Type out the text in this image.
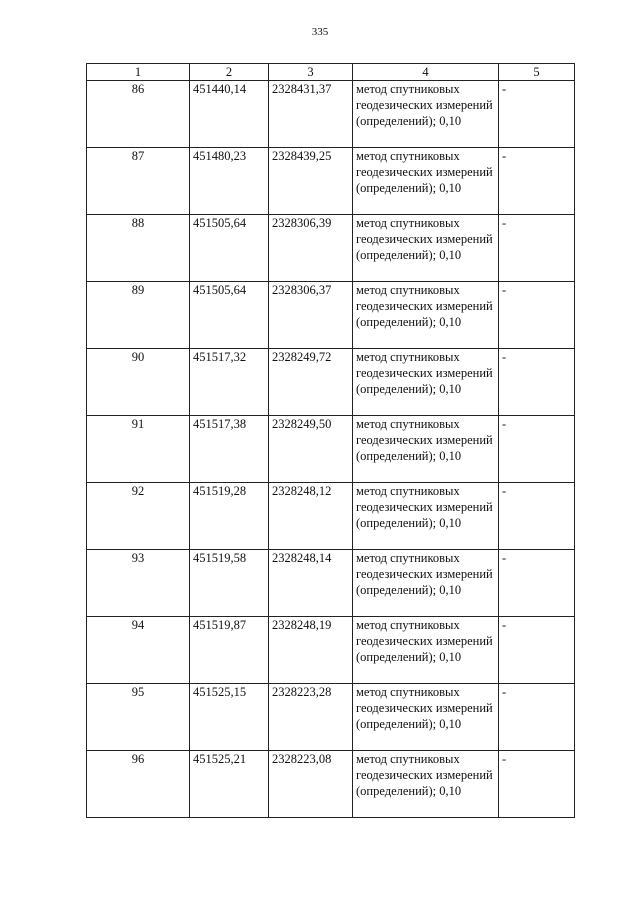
335
1	2	3	4	5
86	451440,14	2328431,37	метод спутниковых геодезических измерений (определений); 0,10	-
87	451480,23	2328439,25	метод спутниковых геодезических измерений (определений); 0,10	-
88	451505,64	2328306,39	метод спутниковых геодезических измерений (определений); 0,10	-
89	451505,64	2328306,37	метод спутниковых геодезических измерений (определений); 0,10	-
90	451517,32	2328249,72	метод спутниковых геодезических измерений (определений); 0,10	-
91	451517,38	2328249,50	метод спутниковых геодезических измерений (определений); 0,10	-
92	451519,28	2328248,12	метод спутниковых геодезических измерений (определений); 0,10	-
93	451519,58	2328248,14	метод спутниковых геодезических измерений (определений); 0,10	-
94	451519,87	2328248,19	метод спутниковых геодезических измерений (определений); 0,10	-
95	451525,15	2328223,28	метод спутниковых геодезических измерений (определений); 0,10	-
96	451525,21	2328223,08	метод спутниковых геодезических измерений (определений); 0,10	-
